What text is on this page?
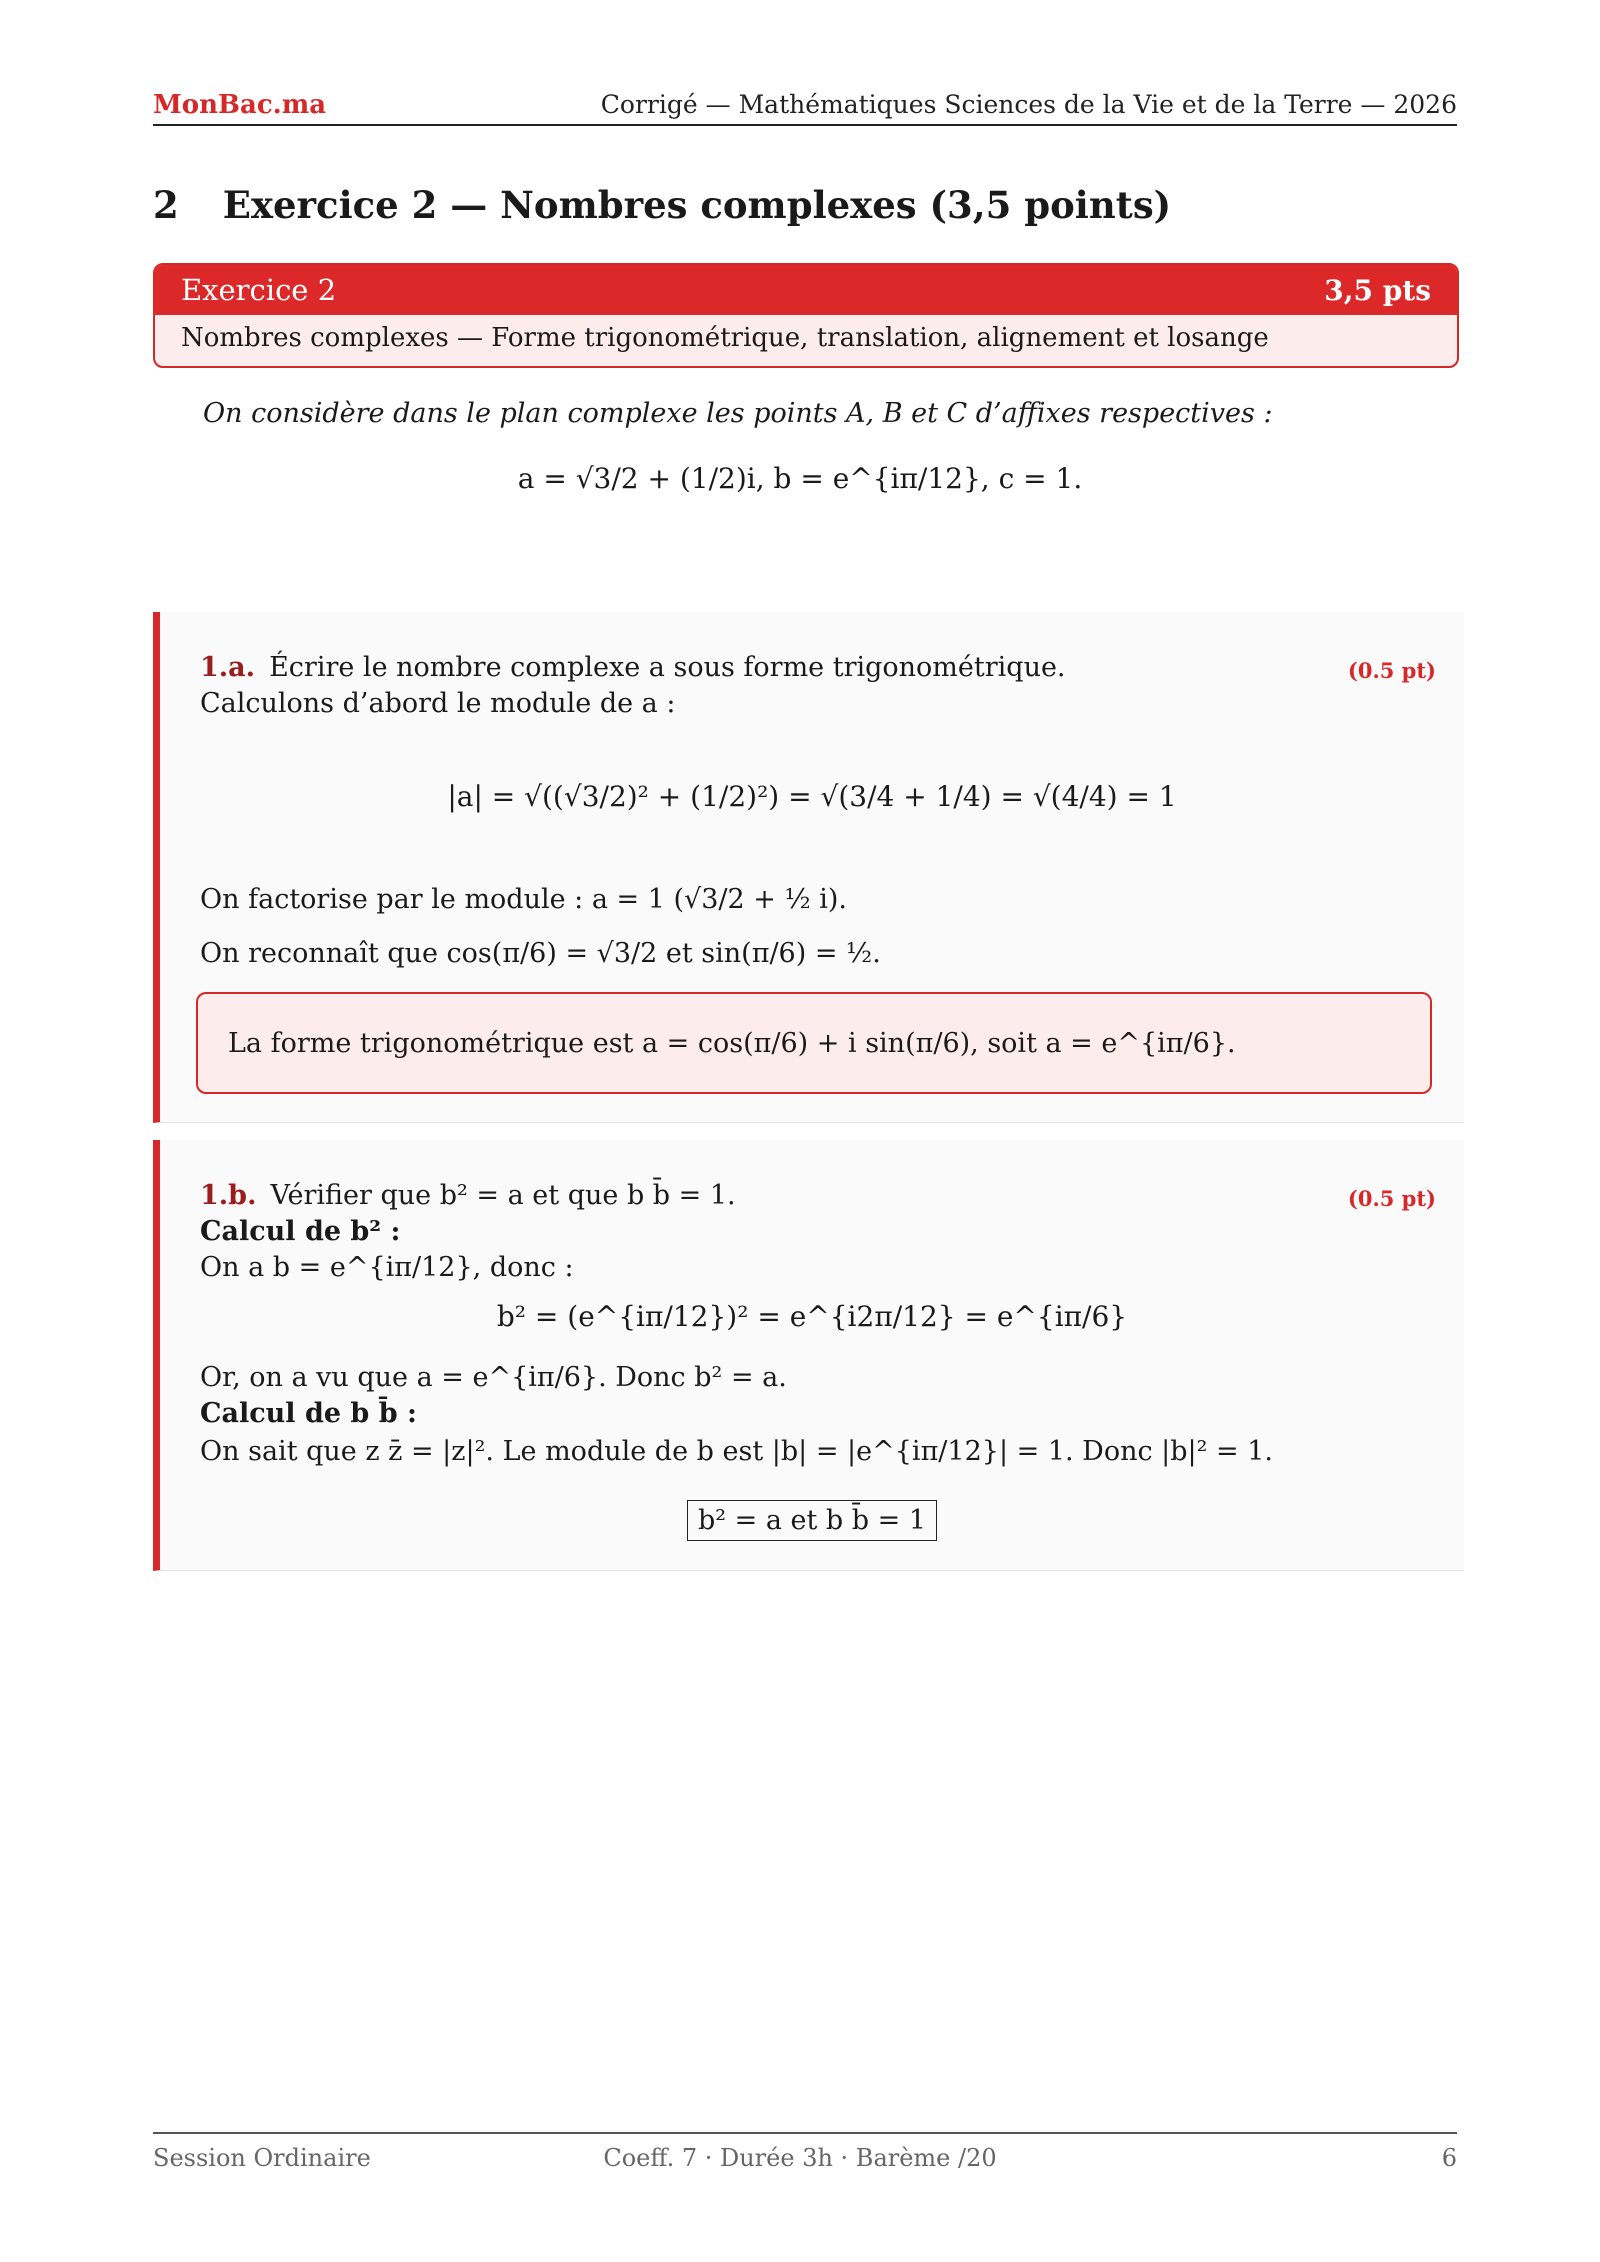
MonBac.ma	Corrigé — Mathématiques Sciences de la Vie et de la Terre — 2026
2 Exercice 2 — Nombres complexes (3,5 points)
Exercice 2	3,5 pts
Nombres complexes — Forme trigonométrique, translation, alignement et losange
On considère dans le plan complexe les points A, B et C d’affixes respectives :
a = √3/2 + (1/2)i, b = e^{iπ/12}, c = 1.
1.a. Écrire le nombre complexe a sous forme trigonométrique.	(0.5 pt)
Calculons d’abord le module de a :
|a| = √((√3/2)² + (1/2)²) = √(3/4 + 1/4) = √(4/4) = 1
On factorise par le module : a = 1 (√3/2 + ½ i).
On reconnaît que cos(π/6) = √3/2 et sin(π/6) = ½.
La forme trigonométrique est a = cos(π/6) + i sin(π/6), soit a = e^{iπ/6}.
1.b. Vérifier que b² = a et que b b̄ = 1.	(0.5 pt)
Calcul de b² :
On a b = e^{iπ/12}, donc :
b² = (e^{iπ/12})² = e^{i2π/12} = e^{iπ/6}
Or, on a vu que a = e^{iπ/6}. Donc b² = a.
Calcul de b b̄ :
On sait que z z̄ = |z|². Le module de b est |b| = |e^{iπ/12}| = 1. Donc |b|² = 1.
b² = a et b b̄ = 1
Session Ordinaire	Coeff. 7 · Durée 3h · Barème /20	6
